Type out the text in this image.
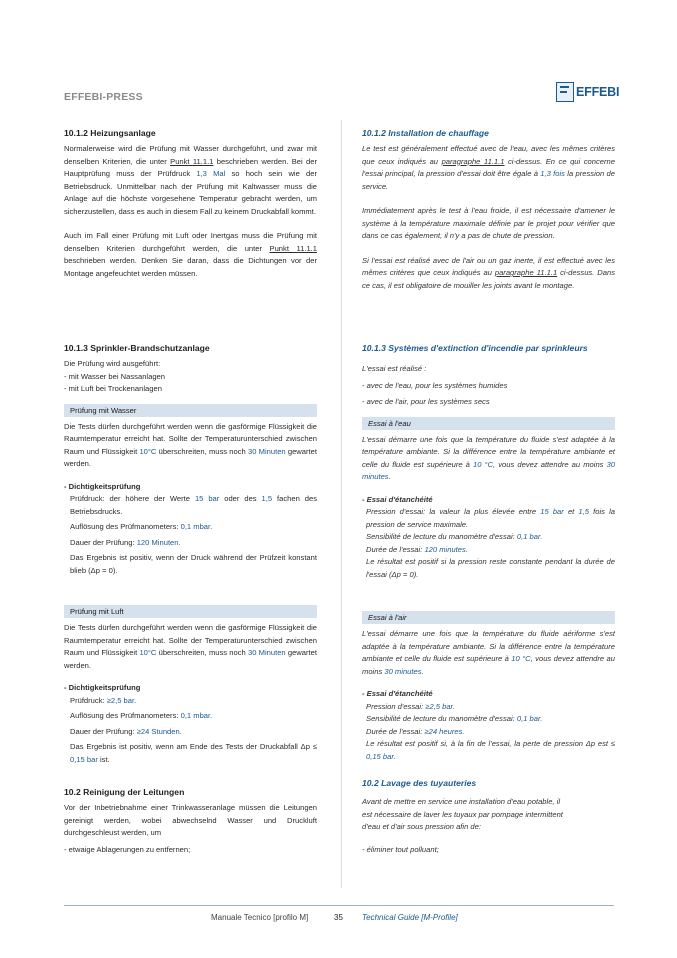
EFFEBI-PRESS	EFFEBI
10.1.2 Heizungsanlage

Normalerweise wird die Prüfung mit Wasser durchgeführt, und zwar mit denselben Kriterien, die unter Punkt 11.1.1 beschrieben werden. Bei der Hauptprüfung muss der Prüfdruck 1,3 Mal so hoch sein wie der Betriebsdruck. Unmittelbar nach der Prüfung mit Kaltwasser muss die Anlage auf die höchste vorgesehene Temperatur gebracht werden, um sicherzustellen, dass es auch in diesem Fall zu keinem Druckabfall kommt.

Auch im Fall einer Prüfung mit Luft oder Inertgas muss die Prüfung mit denselben Kriterien durchgeführt werden, die unter Punkt 11.1.1 beschrieben werden. Denken Sie daran, dass die Dichtungen vor der Montage angefeuchtet werden müssen.

10.1.3 Sprinkler-Brandschutzanlage

Die Prüfung wird ausgeführt:

- mit Wasser bei Nassanlagen

- mit Luft bei Trockenanlagen

Prüfung mit Wasser

Die Tests dürfen durchgeführt werden wenn die gasförmige Flüssigkeit die Raumtemperatur erreicht hat. Sollte der Temperaturunterschied zwischen Raum und Flüssigkeit 10°C überschreiten, muss noch 30 Minuten gewartet werden.

- Dichtigkeitsprüfung

Prüfdruck: der höhere der Werte 15 bar oder des 1,5 fachen des Betriebsdrucks.

Auflösung des Prüfmanometers: 0,1 mbar.

Dauer der Prüfung: 120 Minuten.

Das Ergebnis ist positiv, wenn der Druck während der Prüfzeit konstant blieb (Δp = 0).

Prüfung mit Luft

Die Tests dürfen durchgeführt werden wenn die gasförmige Flüssigkeit die Raumtemperatur erreicht hat. Sollte der Temperaturunterschied zwischen Raum und Flüssigkeit 10°C überschreiten, muss noch 30 Minuten gewartet werden.

- Dichtigkeitsprüfung

Prüfdruck: ≥2,5 bar.

Auflösung des Prüfmanometers: 0,1 mbar.

Dauer der Prüfung: ≥24 Stunden.

Das Ergebnis ist positiv, wenn am Ende des Tests der Druckabfall Δp ≤ 0,15 bar ist.

10.2 Reinigung der Leitungen

Vor der Inbetriebnahme einer Trinkwasseranlage müssen die Leitungen gereinigt werden, wobei abwechselnd Wasser und Druckluft durchgeschleust werden, um

- etwaige Ablagerungen zu entfernen;

10.1.2 Installation de chauffage

Le test est généralement effectué avec de l'eau, avec les mêmes critères que ceux indiqués au paragraphe 11.1.1 ci-dessus. En ce qui concerne l'essai principal, la pression d'essai doit être égale à 1,3 fois la pression de service.

Immédiatement après le test à l'eau froide, il est nécessaire d'amener le système à la température maximale définie par le projet pour vérifier que dans ce cas également, il n'y a pas de chute de pression.

Si l'essai est réalisé avec de l'air ou un gaz inerte, il est effectué avec les mêmes critères que ceux indiqués au paragraphe 11.1.1 ci-dessus. Dans ce cas, il est obligatoire de mouiller les joints avant le montage.

10.1.3 Systèmes d'extinction d'incendie par sprinkleurs

L'essai est réalisé :

- avec de l'eau, pour les systèmes humides

- avec de l'air, pour les systèmes secs

Essai à l'eau

L'essai démarre une fois que la température du fluide s'est adaptée à la température ambiante. Si la différence entre la température ambiante et celle du fluide est supérieure à 10 °C, vous devez attendre au moins 30 minutes.

- Essai d'étanchéité

Pression d'essai: la valeur la plus élevée entre 15 bar et 1,5 fois la pression de service maximale.

Sensibilité de lecture du manomètre d'essai: 0,1 bar.

Durée de l'essai: 120 minutes.

Le résultat est positif si la pression reste constante pendant la durée de l'essai (Δp = 0).

Essai à l'air

L'essai démarre une fois que la température du fluide aériforme s'est adaptée à la température ambiante. Si la différence entre la température ambiante et celle du fluide est supérieure à 10 °C, vous devez attendre au moins 30 minutes.

- Essai d'étanchéité

Pression d'essai: ≥2,5 bar.

Sensibilité de lecture du manomètre d'essai: 0,1 bar.

Durée de l'essai: ≥24 heures.

Le résultat est positif si, à la fin de l'essai, la perte de pression Δp est ≤ 0,15 bar.

10.2 Lavage des tuyauteries

Avant de mettre en service une installation d'eau potable, il est nécessaire de laver les tuyaux par pompage intermittent d'eau et d'air sous pression afin de:

- éliminer tout polluant;

Manuale Tecnico [profilo M]	35 Technical Guide [M-Profile]
